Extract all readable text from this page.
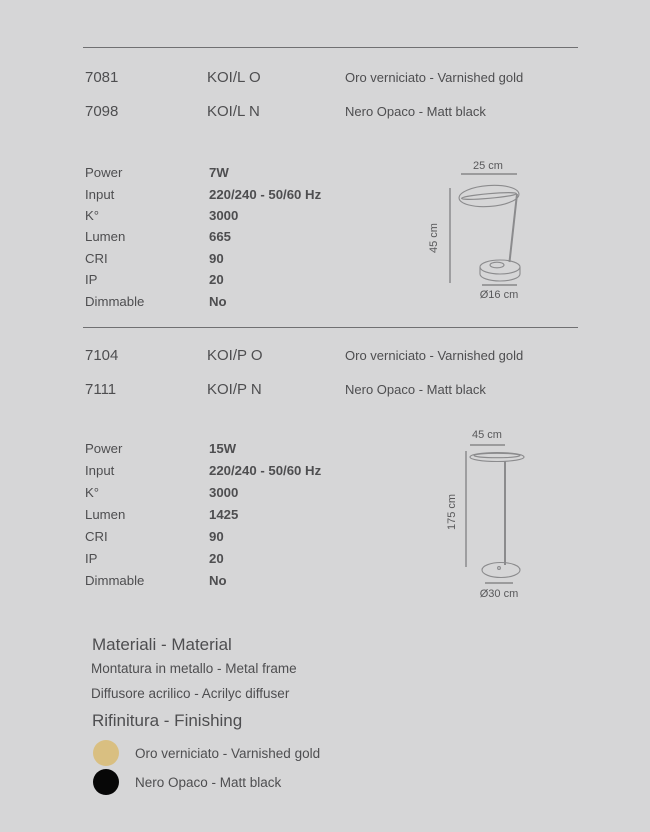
7081	KOI/L O	Oro verniciato - Varnished gold
7098	KOI/L N	Nero Opaco - Matt black
Power	7W
Input	220/240 - 50/60 Hz
K°	3000
Lumen	665
CRI	90
IP	20
Dimmable	No
25 cm
45 cm
Ø16 cm
7104	KOI/P O	Oro verniciato - Varnished gold
7111	KOI/P N	Nero Opaco - Matt black
Power	15W
Input	220/240 - 50/60 Hz
K°	3000
Lumen	1425
CRI	90
IP	20
Dimmable	No
45 cm
175 cm
Ø30 cm
Materiali - Material
Montatura in metallo - Metal frame
Diffusore acrilico - Acrilyc diffuser
Rifinitura - Finishing
Oro verniciato - Varnished gold
Nero Opaco - Matt black
